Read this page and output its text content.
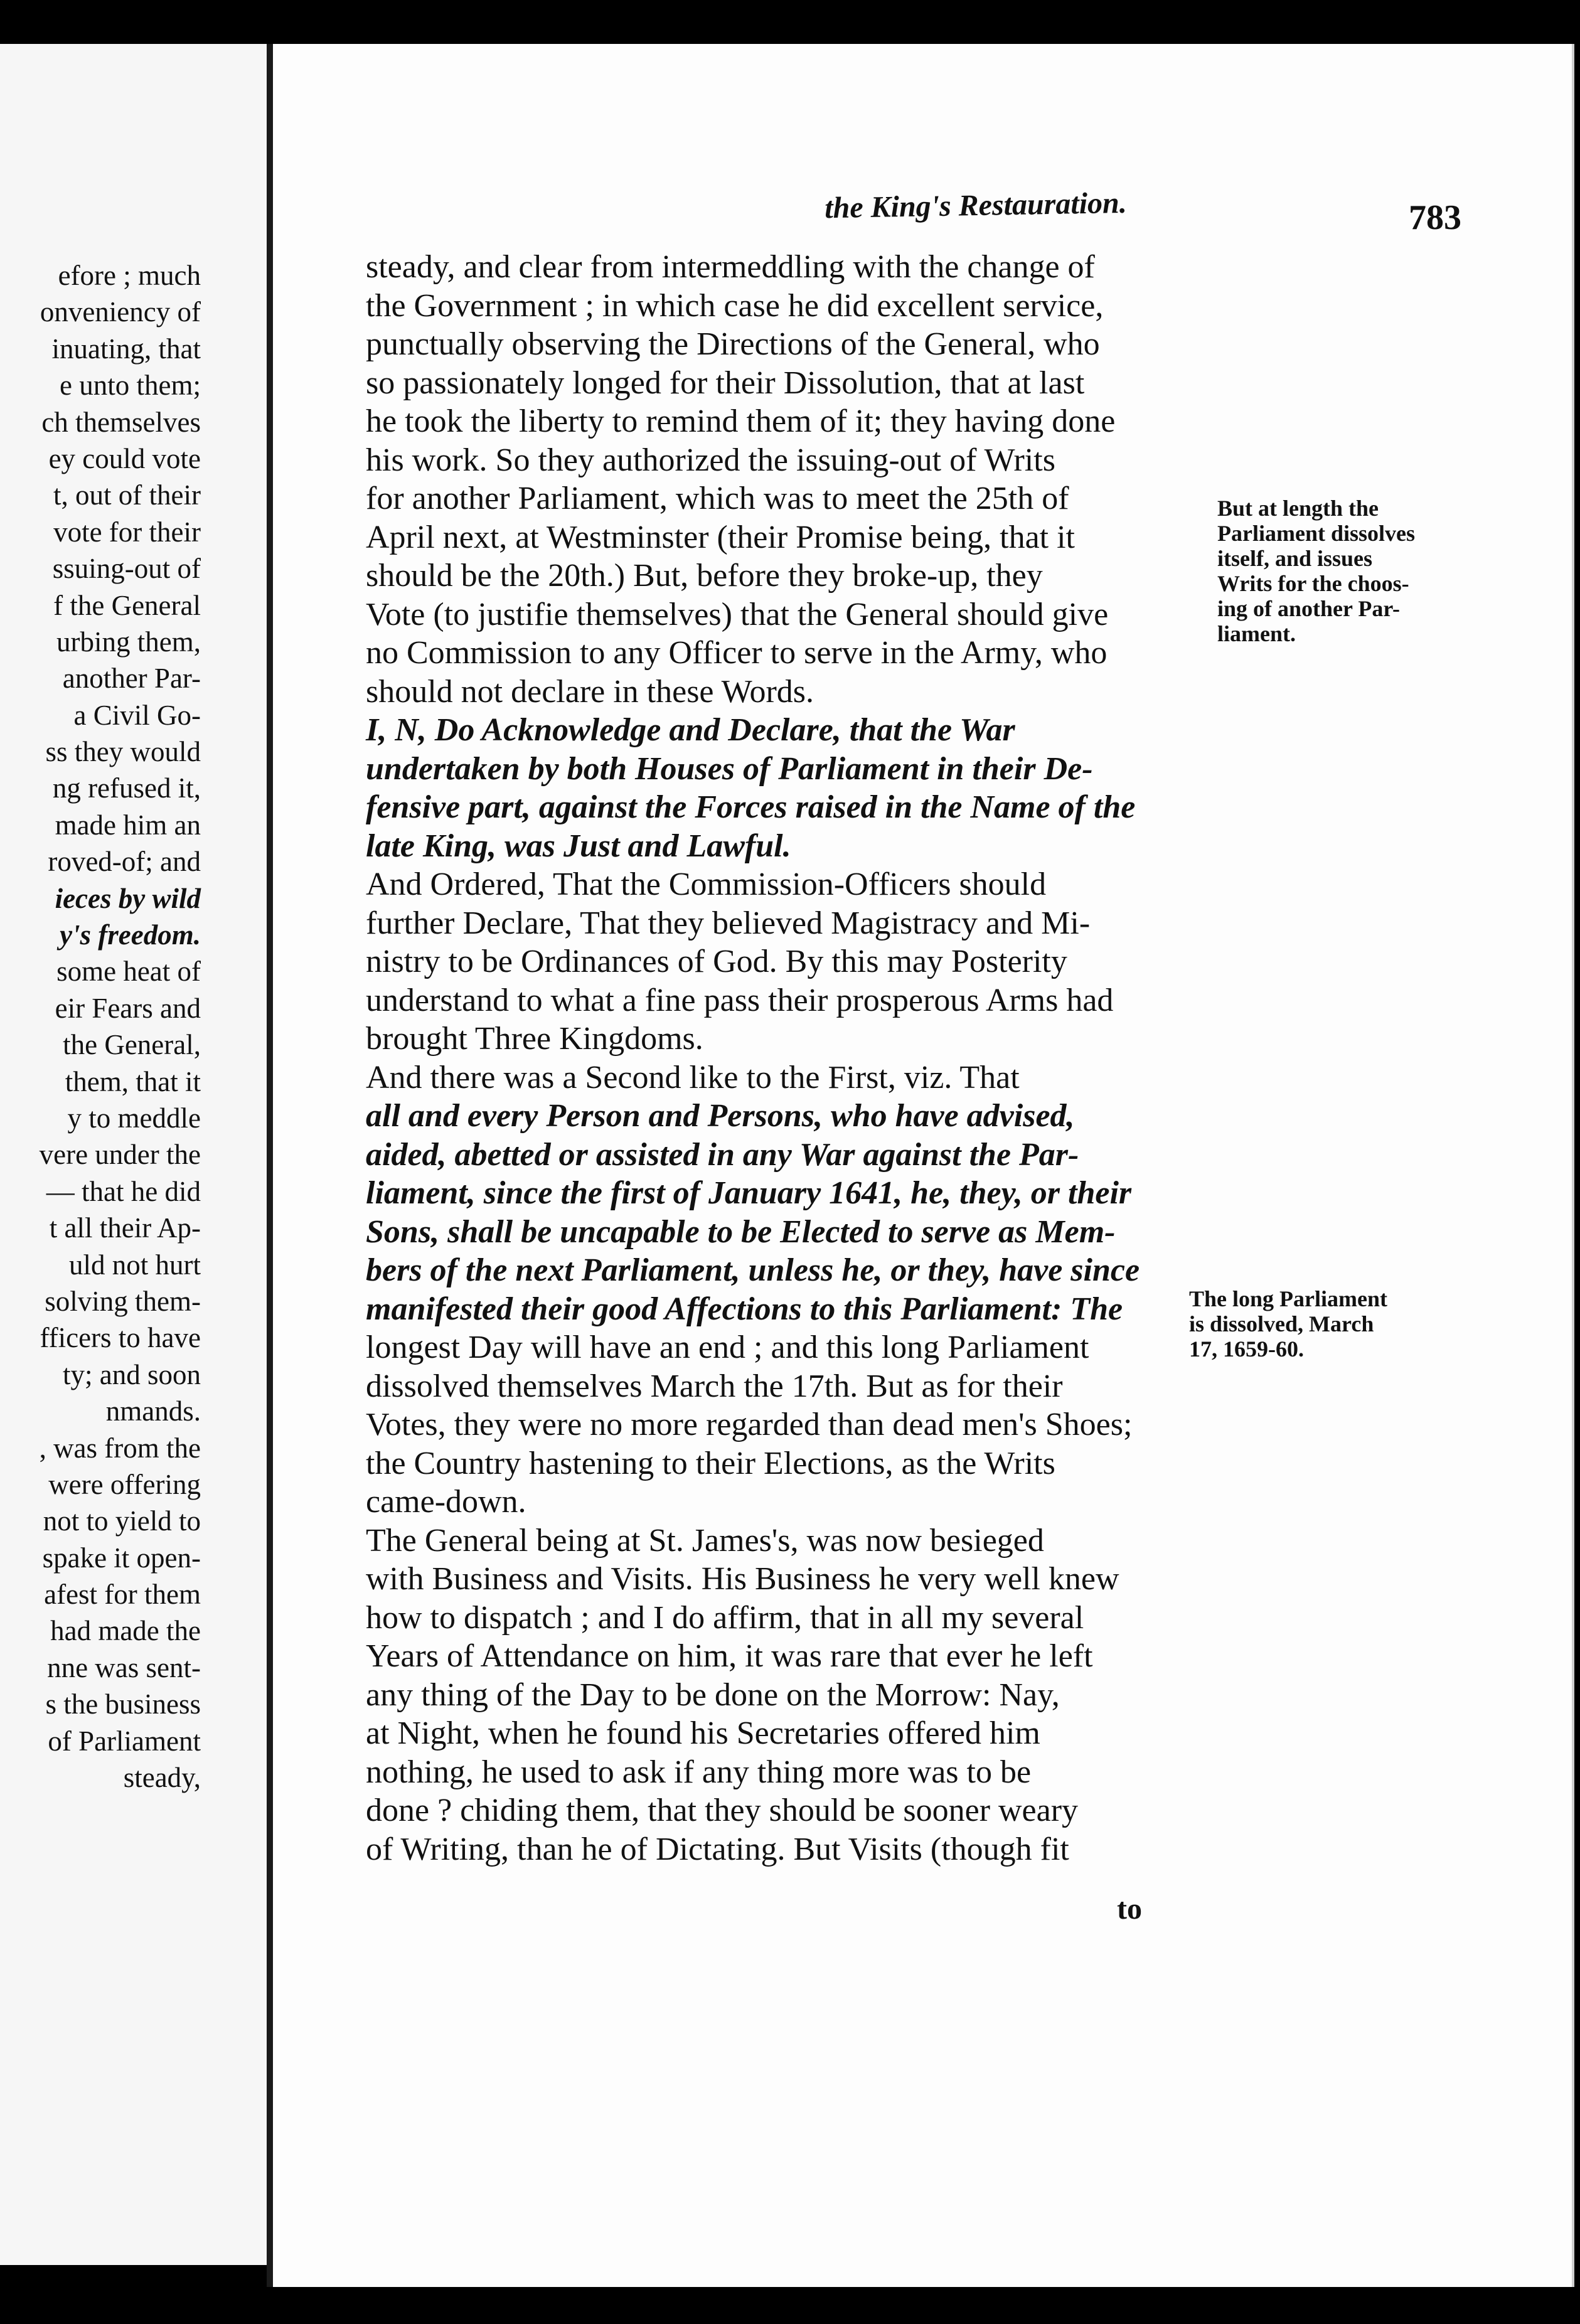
efore ; much
onveniency of
inuating, that
e unto them;
ch themselves
ey could vote
t, out of their
vote for their
ssuing-out of
f the General
urbing them,
another Par-
a Civil Go-
ss they would
ng refused it,
made him an
roved-of; and
ieces by wild
y's freedom.
some heat of
eir Fears and
the General,
them, that it
y to meddle
vere under the
— that he did
t all their Ap-
uld not hurt
solving them-
fficers to have
ty; and soon
nmands.
, was from the
were offering
not to yield to
spake it open-
afest for them
had made the
nne was sent-
s the business
of Parliament
steady,
the King's Restauration.	783
steady, and clear from intermeddling with the change of
the Government ; in which case he did excellent service,
punctually observing the Directions of the General, who
so passionately longed for their Dissolution, that at last
he took the liberty to remind them of it; they having done
his work. So they authorized the issuing-out of Writs
for another Parliament, which was to meet the 25th of
April next, at Westminster (their Promise being, that it
should be the 20th.) But, before they broke-up, they
Vote (to justifie themselves) that the General should give
no Commission to any Officer to serve in the Army, who
should not declare in these Words.
I, N, Do Acknowledge and Declare, that the War
undertaken by both Houses of Parliament in their De-
fensive part, against the Forces raised in the Name of the
late King, was Just and Lawful.
And Ordered, That the Commission-Officers should
further Declare, That they believed Magistracy and Mi-
nistry to be Ordinances of God. By this may Posterity
understand to what a fine pass their prosperous Arms had
brought Three Kingdoms.
And there was a Second like to the First, viz. That
all and every Person and Persons, who have advised,
aided, abetted or assisted in any War against the Par-
liament, since the first of January 1641, he, they, or their
Sons, shall be uncapable to be Elected to serve as Mem-
bers of the next Parliament, unless he, or they, have since
manifested their good Affections to this Parliament: The
longest Day will have an end ; and this long Parliament
dissolved themselves March the 17th. But as for their
Votes, they were no more regarded than dead men's Shoes;
the Country hastening to their Elections, as the Writs
came-down.
The General being at St. James's, was now besieged
with Business and Visits. His Business he very well knew
how to dispatch ; and I do affirm, that in all my several
Years of Attendance on him, it was rare that ever he left
any thing of the Day to be done on the Morrow: Nay,
at Night, when he found his Secretaries offered him
nothing, he used to ask if any thing more was to be
done ? chiding them, that they should be sooner weary
of Writing, than he of Dictating. But Visits (though fit
But at length the
Parliament dissolves
itself, and issues
Writs for the choos-
ing of another Par-
liament.
The long Parliament
is dissolved, March
17, 1659-60.
to
